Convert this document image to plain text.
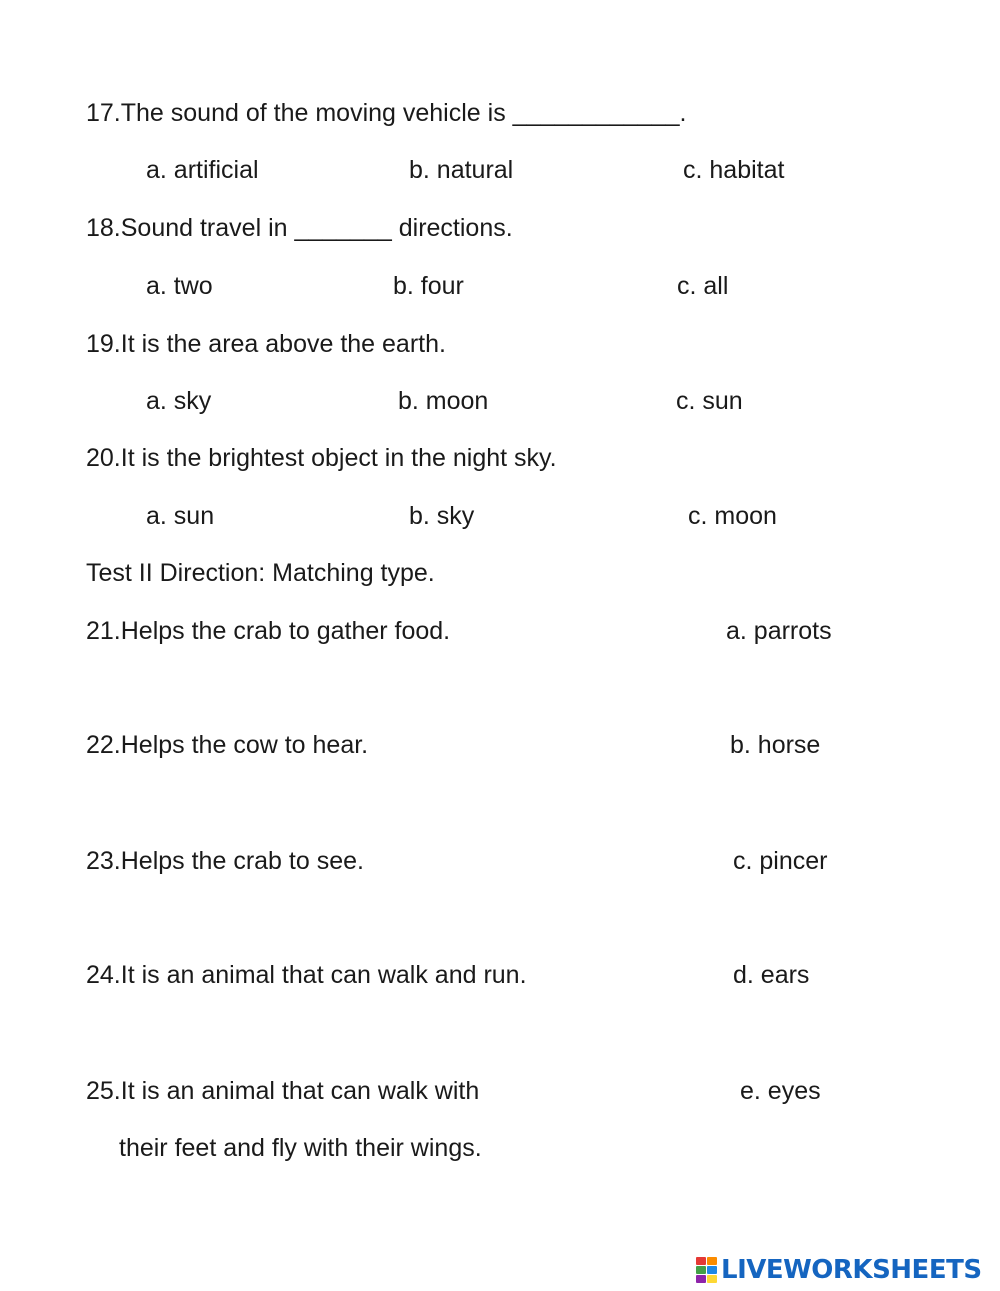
17.The sound of the moving vehicle is ____________.
a. artificial	b. natural	c. habitat
18.Sound travel in _______ directions.
a. two	b. four	c. all
19.It is the area above the earth.
a. sky	b. moon	c. sun
20.It is the brightest object in the night sky.
a. sun	b. sky	c. moon
Test II Direction: Matching type.
21.Helps the crab to gather food.	a. parrots
22.Helps the cow to hear.	b. horse
23.Helps the crab to see.	c. pincer
24.It is an animal that can walk and run.	d. ears
25.It is an animal that can walk with	e. eyes
their feet and fly with their wings.
LIVEWORKSHEETS
